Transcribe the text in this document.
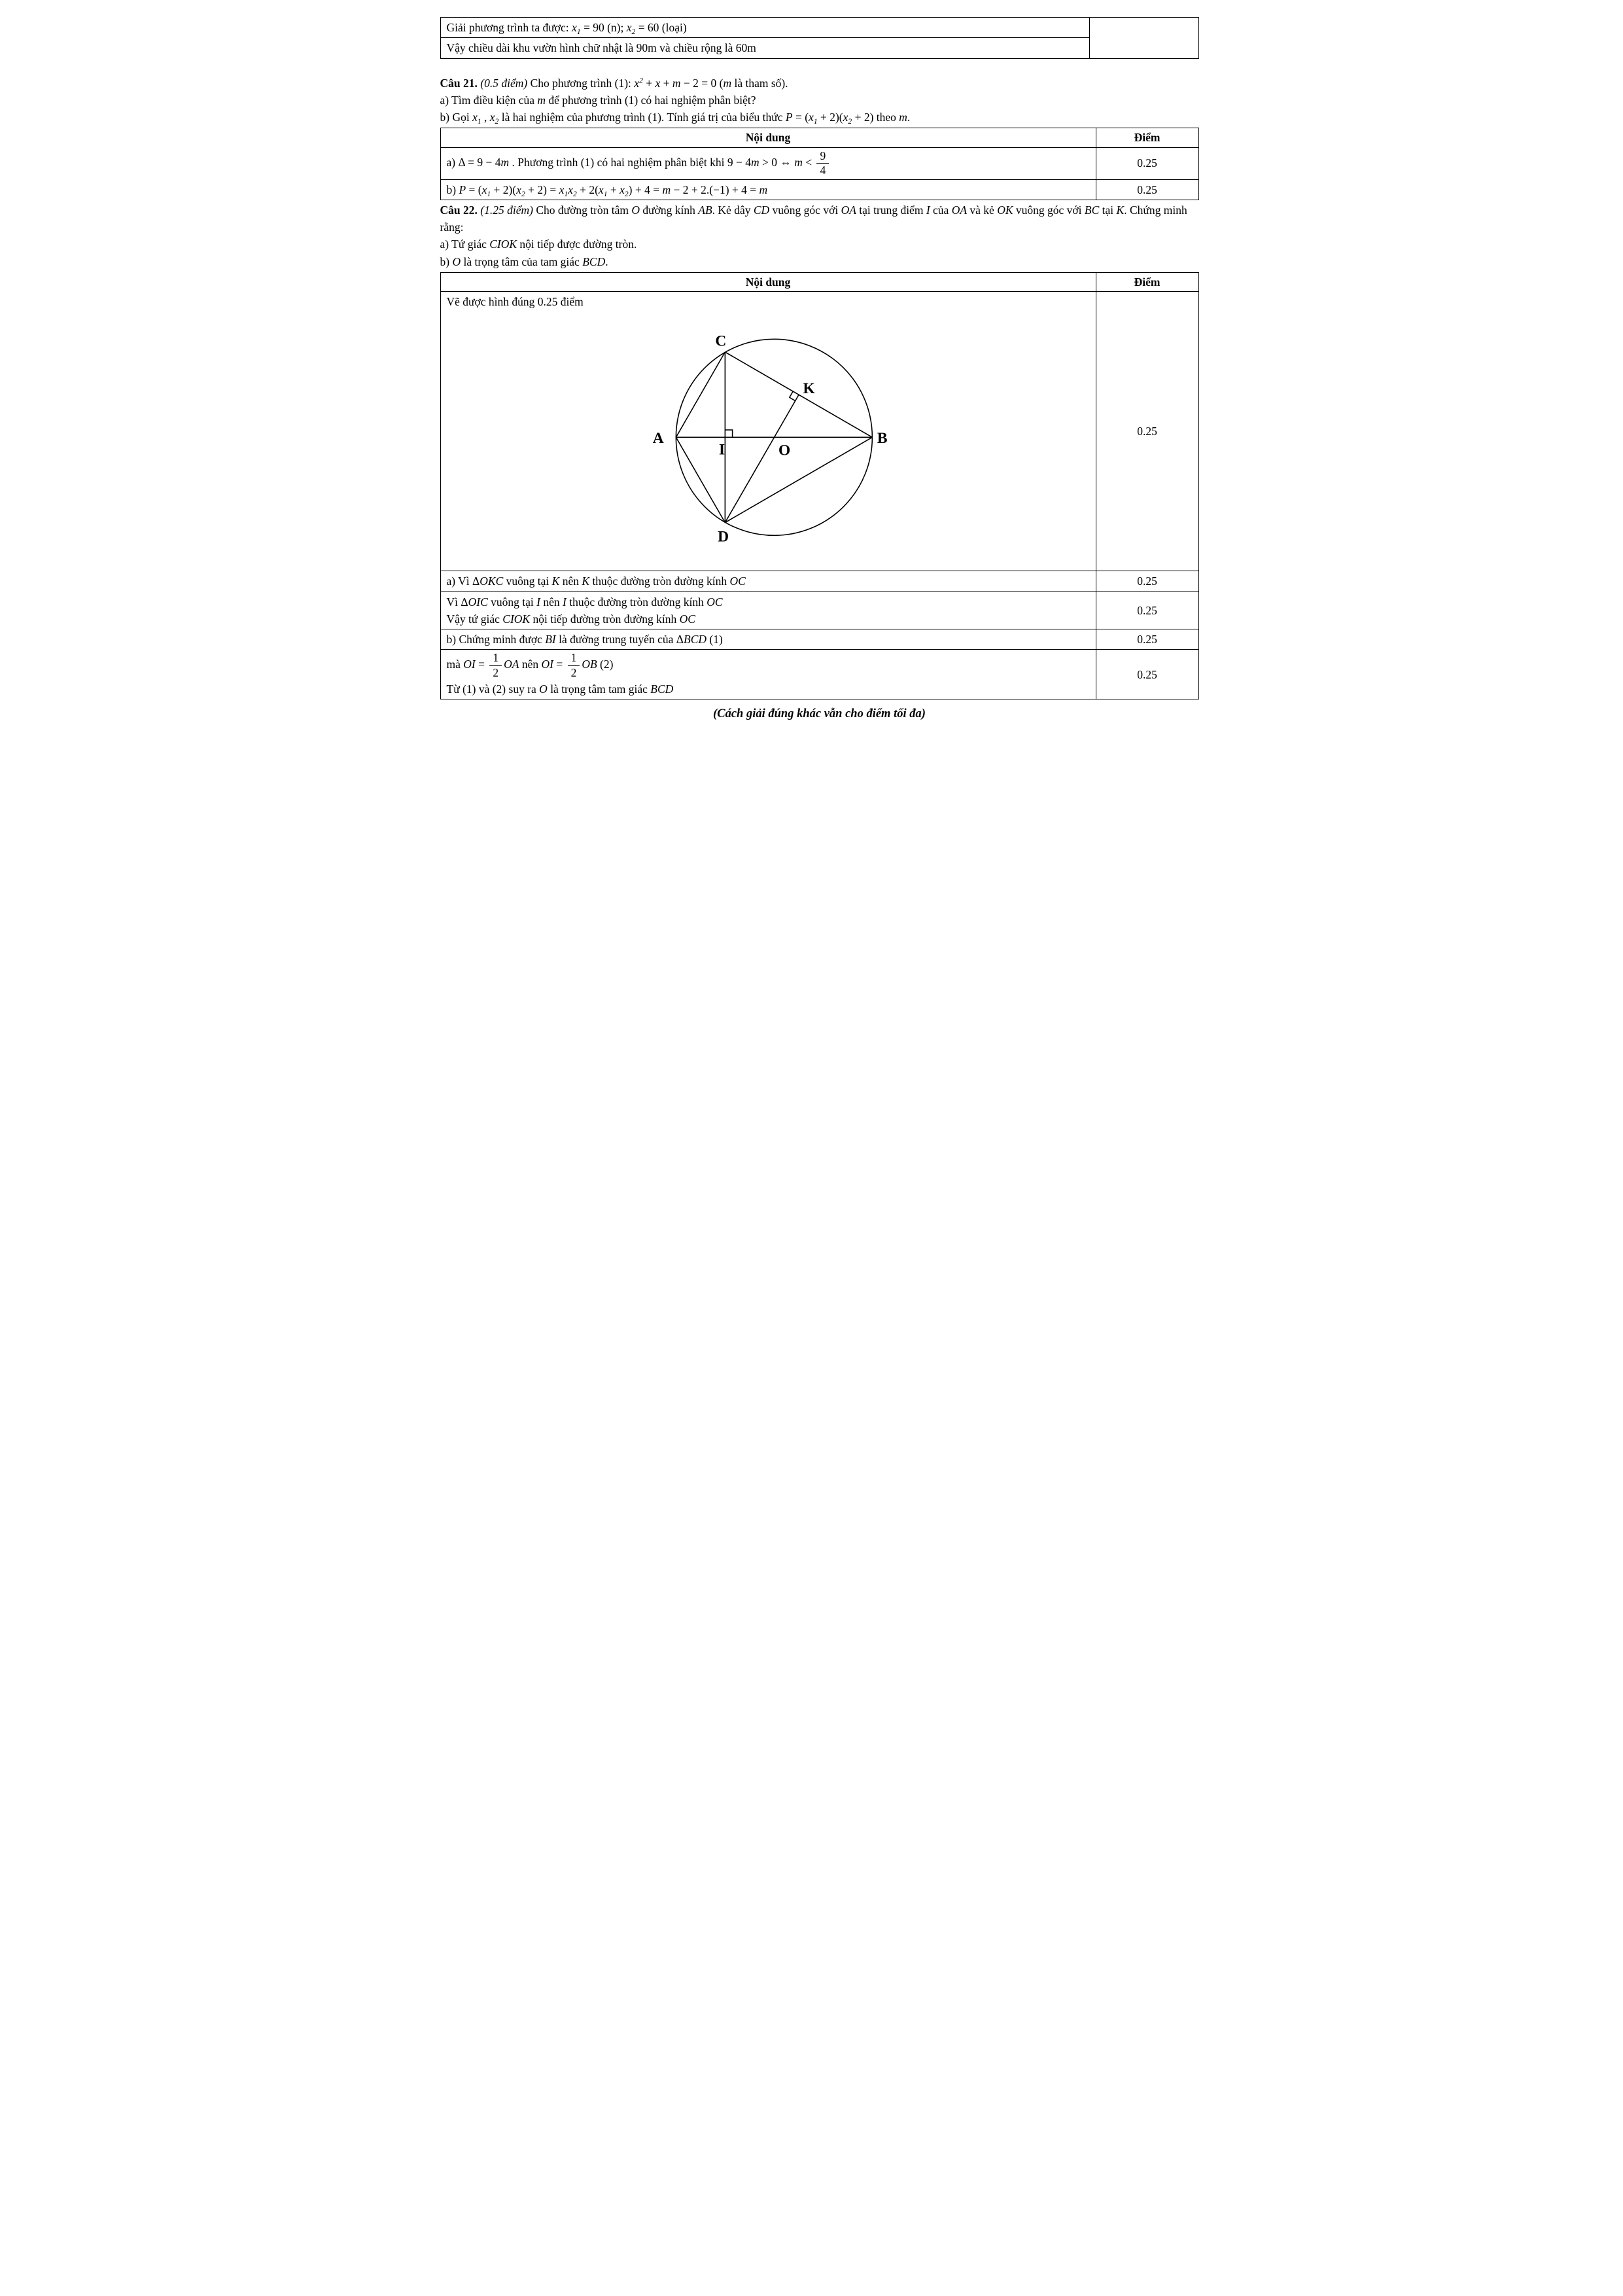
Giải phương trình ta được: $x_1 = 90$ (n); $x_2 = 60$ (loại)	
Vậy chiều dài khu vườn hình chữ nhật là 90m và chiều rộng là 60m

Câu 21. (0.5 điểm) Cho phương trình (1): $x^2 + x + m - 2 = 0$ (m là tham số).

a) Tìm điều kiện của m để phương trình (1) có hai nghiệm phân biệt?

b) Gọi $x_1$ , $x_2$ là hai nghiệm của phương trình (1). Tính giá trị của biểu thức $P = (x_1 + 2)(x_2 + 2)$ theo m.

Nội dung	Điểm
a) Δ = 9 − 4m . Phương trình (1) có hai nghiệm phân biệt khi 9 − 4m > 0 ⇔ $m < \frac{9}{4}$	0.25
b) $P = (x_1 + 2)(x_2 + 2) = x_1x_2 + 2(x_1 + x_2) + 4 = m - 2 + 2.(-1) + 4 = m$	0.25

Câu 22. (1.25 điểm) Cho đường tròn tâm O đường kính AB. Kẻ dây CD vuông góc với OA tại trung điểm I của OA và kẻ OK vuông góc với BC tại K. Chứng minh rằng:

a) Tứ giác CIOK nội tiếp được đường tròn.

b) O là trọng tâm của tam giác BCD.

Nội dung	Điểm

Vẽ được hình đúng 0.25 điểm
C
K
A	B
I	O
D
	0.25

a) Vì ΔOKC vuông tại K nên K thuộc đường tròn đường kính OC	0.25

Vì ΔOIC vuông tại I nên I thuộc đường tròn đường kính OC
Vậy tứ giác CIOK nội tiếp đường tròn đường kính OC	0.25

b) Chứng minh được BI là đường trung tuyến của ΔBCD (1)	0.25

mà OI = $\frac{1}{2}$ OA nên OI = $\frac{1}{2}$ OB (2)
Từ (1) và (2) suy ra O là trọng tâm tam giác BCD
	0.25

(Cách giải đúng khác vẫn cho điểm tối đa)
